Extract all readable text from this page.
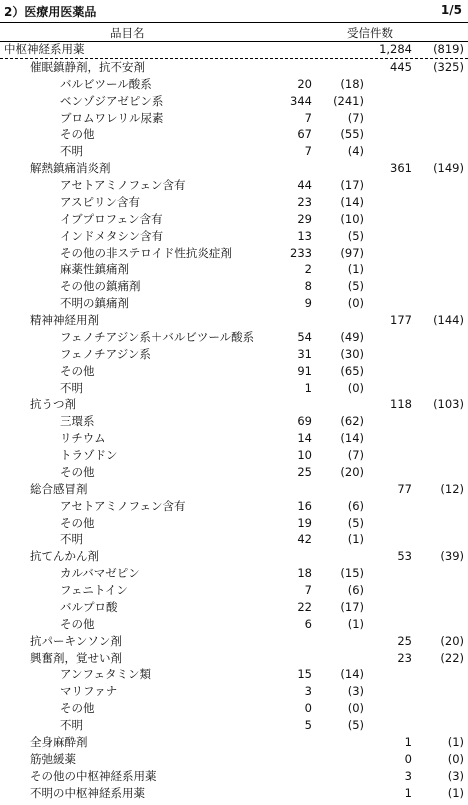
2）医療用医薬品	1/5
品目名	受信件数
中枢神経系用薬	1,284 (819)
催眠鎮静剤，抗不安剤	445 (325)
バルビツール酸系	20 (18)
ベンゾジアゼピン系	344 (241)
ブロムワレリル尿素	7	(7)
その他	67 (55)
不明	7	(4)
解熱鎮痛消炎剤	361 (149)
アセトアミノフェン含有	44 (17)
アスピリン含有	23 (14)
イブプロフェン含有	29 (10)
インドメタシン含有	13	(5)
その他の非ステロイド性抗炎症剤	233 (97)
麻薬性鎮痛剤	2	(1)
その他の鎮痛剤	8	(5)
不明の鎮痛剤	9	(0)
精神神経用剤	177 (144)
フェノチアジン系＋バルビツール酸系	54 (49)
フェノチアジン系	31 (30)
その他	91 (65)
不明	1	(0)
抗うつ剤	118 (103)
三環系	69 (62)
リチウム	14 (14)
トラゾドン	10	(7)
その他	25 (20)
総合感冒剤	77 (12)
アセトアミノフェン含有	16	(6)
その他	19	(5)
不明	42	(1)
抗てんかん剤	53 (39)
カルバマゼピン	18 (15)
フェニトイン	7	(6)
バルプロ酸	22 (17)
その他	6	(1)
抗パーキンソン剤	25 (20)
興奮剤，覚せい剤	23 (22)
アンフェタミン類	15 (14)
マリファナ	3	(3)
その他	0	(0)
不明	5	(5)
全身麻酔剤	1	(1)
筋弛緩薬	0	(0)
その他の中枢神経系用薬	3	(3)
不明の中枢神経系用薬	1	(1)
